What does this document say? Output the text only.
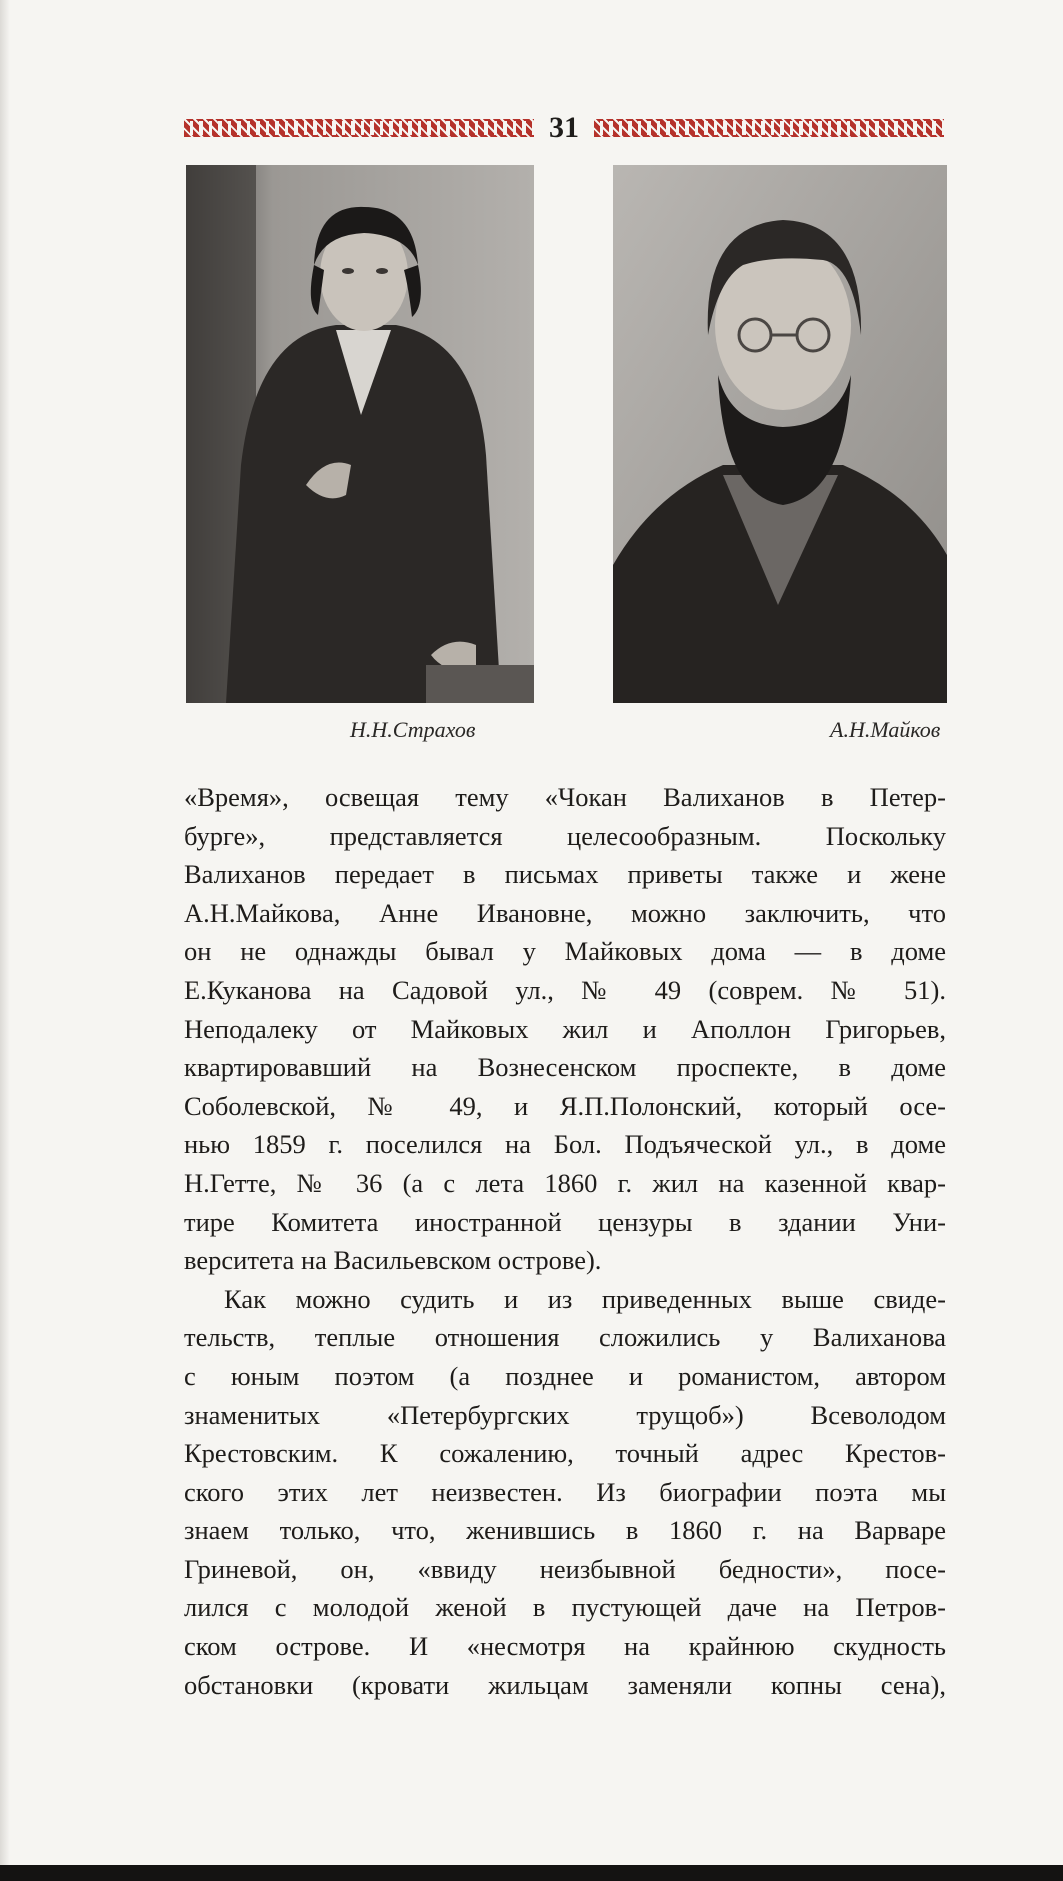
31
Н.Н.Страхов	А.Н.Майков
«Время», освещая тему «Чокан Валиханов в Петер-
бурге», представляется целесообразным. Поскольку
Валиханов передает в письмах приветы также и жене
А.Н.Майкова, Анне Ивановне, можно заключить, что
он не однажды бывал у Майковых дома — в доме
Е.Куканова на Садовой ул., № 49 (соврем. № 51).
Неподалеку от Майковых жил и Аполлон Григорьев,
квартировавший на Вознесенском проспекте, в доме
Соболевской, № 49, и Я.П.Полонский, который осе-
нью 1859 г. поселился на Бол. Подъяческой ул., в доме
Н.Гетте, № 36 (а с лета 1860 г. жил на казенной квар-
тире Комитета иностранной цензуры в здании Уни-
верситета на Васильевском острове).
Как можно судить и из приведенных выше свиде-
тельств, теплые отношения сложились у Валиханова
с юным поэтом (а позднее и романистом, автором
знаменитых «Петербургских трущоб») Всеволодом
Крестовским. К сожалению, точный адрес Крестов-
ского этих лет неизвестен. Из биографии поэта мы
знаем только, что, женившись в 1860 г. на Варваре
Гриневой, он, «ввиду неизбывной бедности», посе-
лился с молодой женой в пустующей даче на Петров-
ском острове. И «несмотря на крайнюю скудность
обстановки (кровати жильцам заменяли копны сена),
